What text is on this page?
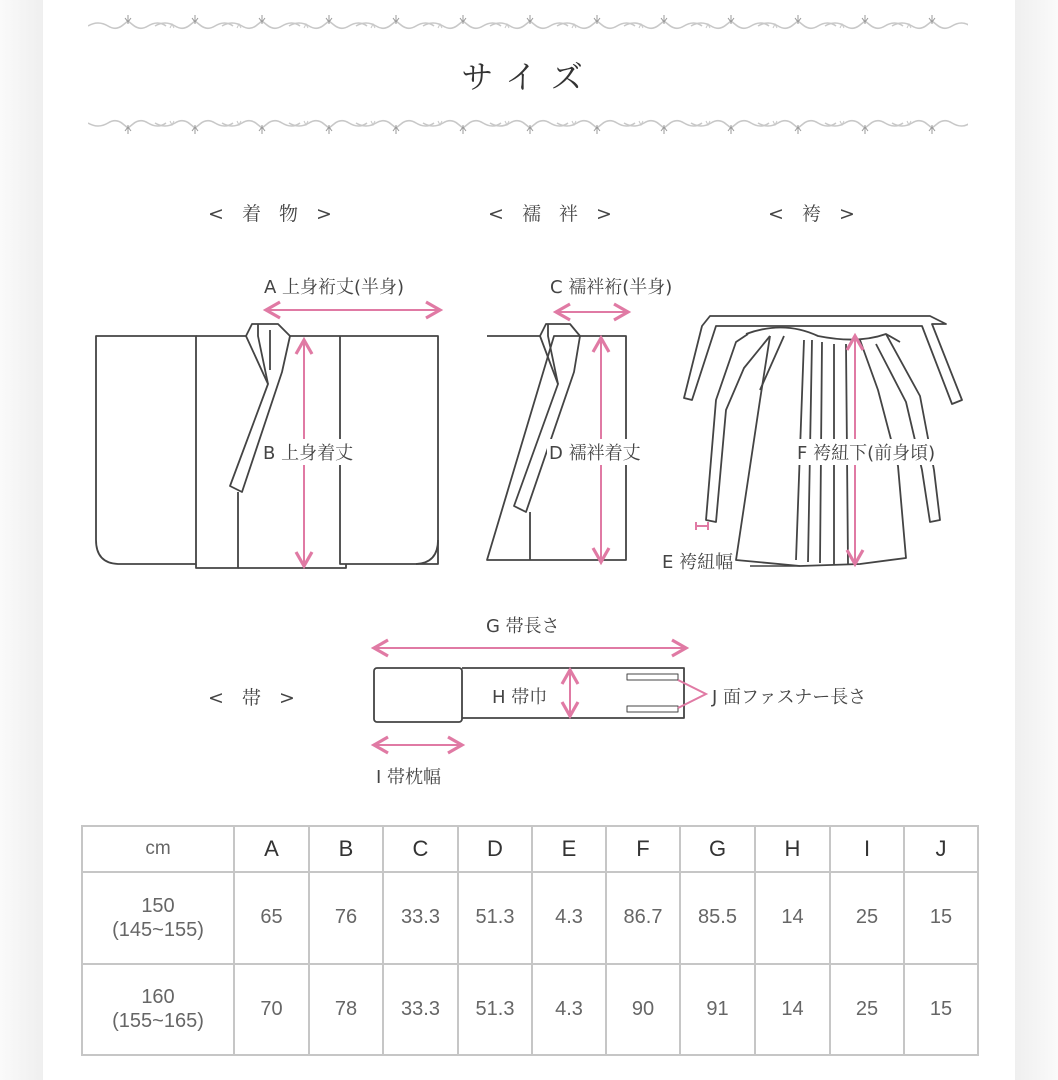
サイズ
< 着 物 >	< 襦 袢 >	< 袴 >
< 帯 >
A 上身裄丈(半身)
B 上身着丈
C 襦袢裄(半身)
D 襦袢着丈
E 袴紐幅
F 袴紐下(前身頃)
G 帯長さ
H 帯巾
I 帯枕幅
J 面ファスナー長さ
cm	A	B	C	D	E	F	G	H	I	J

150
(145~155)	65	76	33.3	51.3	4.3	86.7	85.5	14	25	15

160
(155~165)	70	78	33.3	51.3	4.3	90	91	14	25	15
